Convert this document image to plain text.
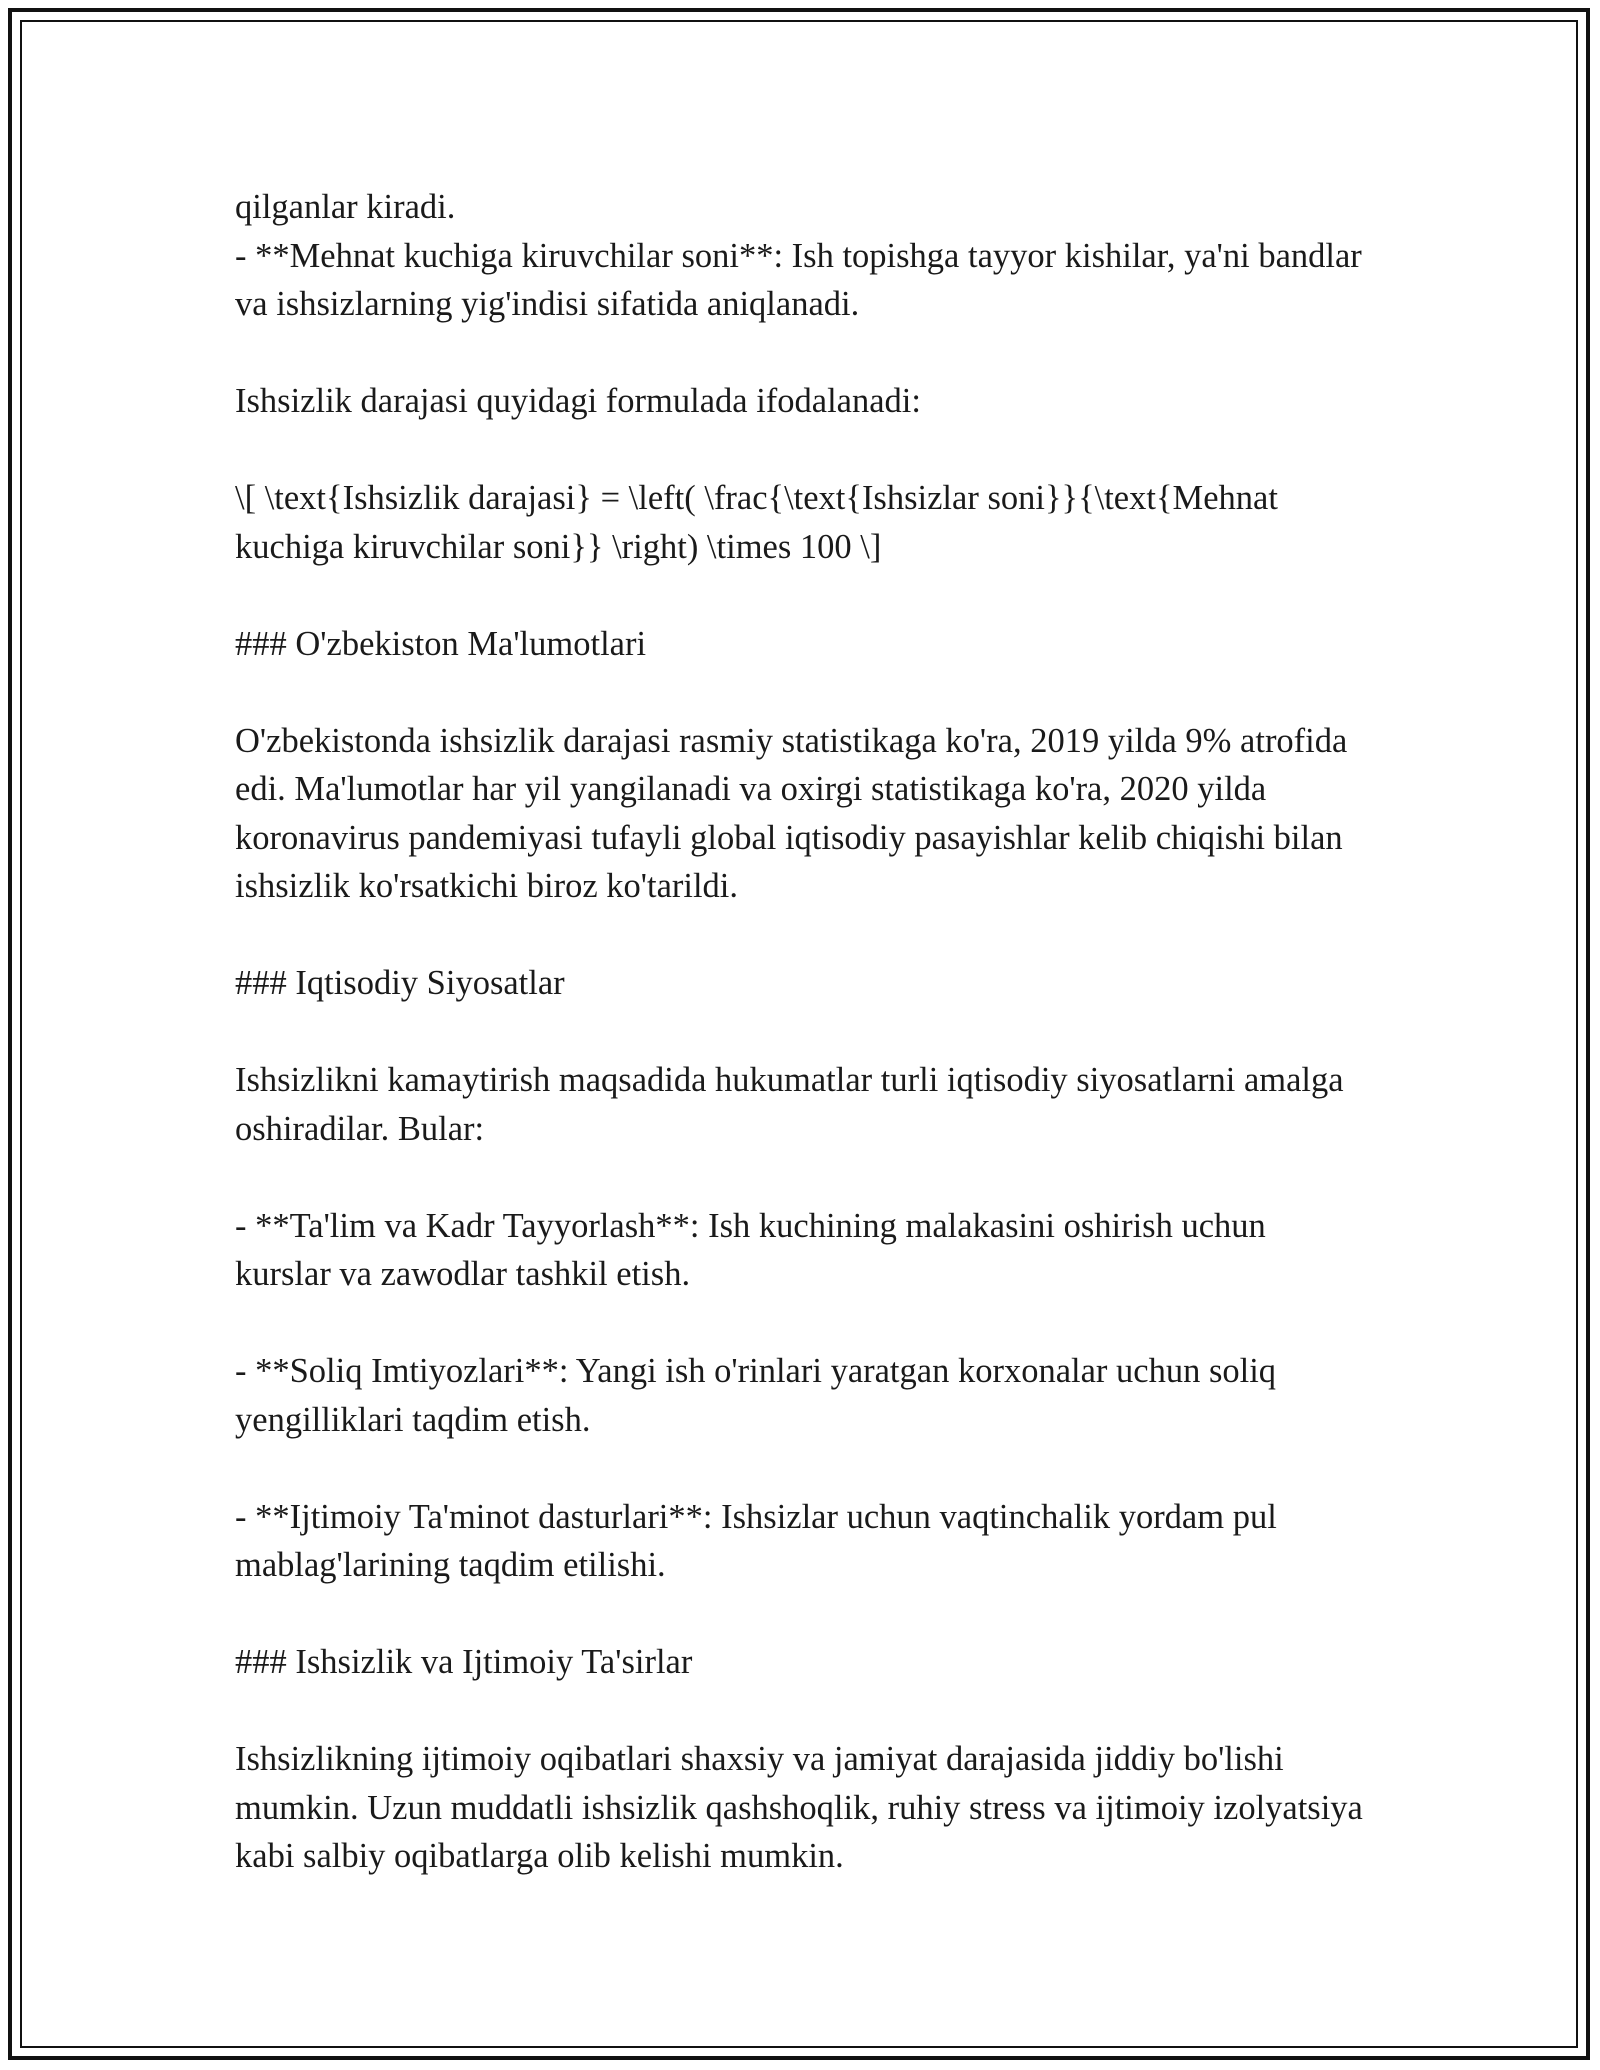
qilganlar kiradi.

- **Mehnat kuchiga kiruvchilar soni**: Ish topishga tayyor kishilar, ya'ni bandlar va ishsizlarning yig'indisi sifatida aniqlanadi.

Ishsizlik darajasi quyidagi formulada ifodalanadi:

\[ \text{Ishsizlik darajasi} = \left( \frac{\text{Ishsizlar soni}}{\text{Mehnat kuchiga kiruvchilar soni}} \right) \times 100 \]

### O'zbekiston Ma'lumotlari

O'zbekistonda ishsizlik darajasi rasmiy statistikaga ko'ra, 2019 yilda 9% atrofida edi. Ma'lumotlar har yil yangilanadi va oxirgi statistikaga ko'ra, 2020 yilda koronavirus pandemiyasi tufayli global iqtisodiy pasayishlar kelib chiqishi bilan ishsizlik ko'rsatkichi biroz ko'tarildi.

### Iqtisodiy Siyosatlar

Ishsizlikni kamaytirish maqsadida hukumatlar turli iqtisodiy siyosatlarni amalga oshiradilar. Bular:

- **Ta'lim va Kadr Tayyorlash**: Ish kuchining malakasini oshirish uchun kurslar va zawodlar tashkil etish.

- **Soliq Imtiyozlari**: Yangi ish o'rinlari yaratgan korxonalar uchun soliq yengilliklari taqdim etish.

- **Ijtimoiy Ta'minot dasturlari**: Ishsizlar uchun vaqtinchalik yordam pul mablag'larining taqdim etilishi.

### Ishsizlik va Ijtimoiy Ta'sirlar

Ishsizlikning ijtimoiy oqibatlari shaxsiy va jamiyat darajasida jiddiy bo'lishi mumkin. Uzun muddatli ishsizlik qashshoqlik, ruhiy stress va ijtimoiy izolyatsiya kabi salbiy oqibatlarga olib kelishi mumkin.
